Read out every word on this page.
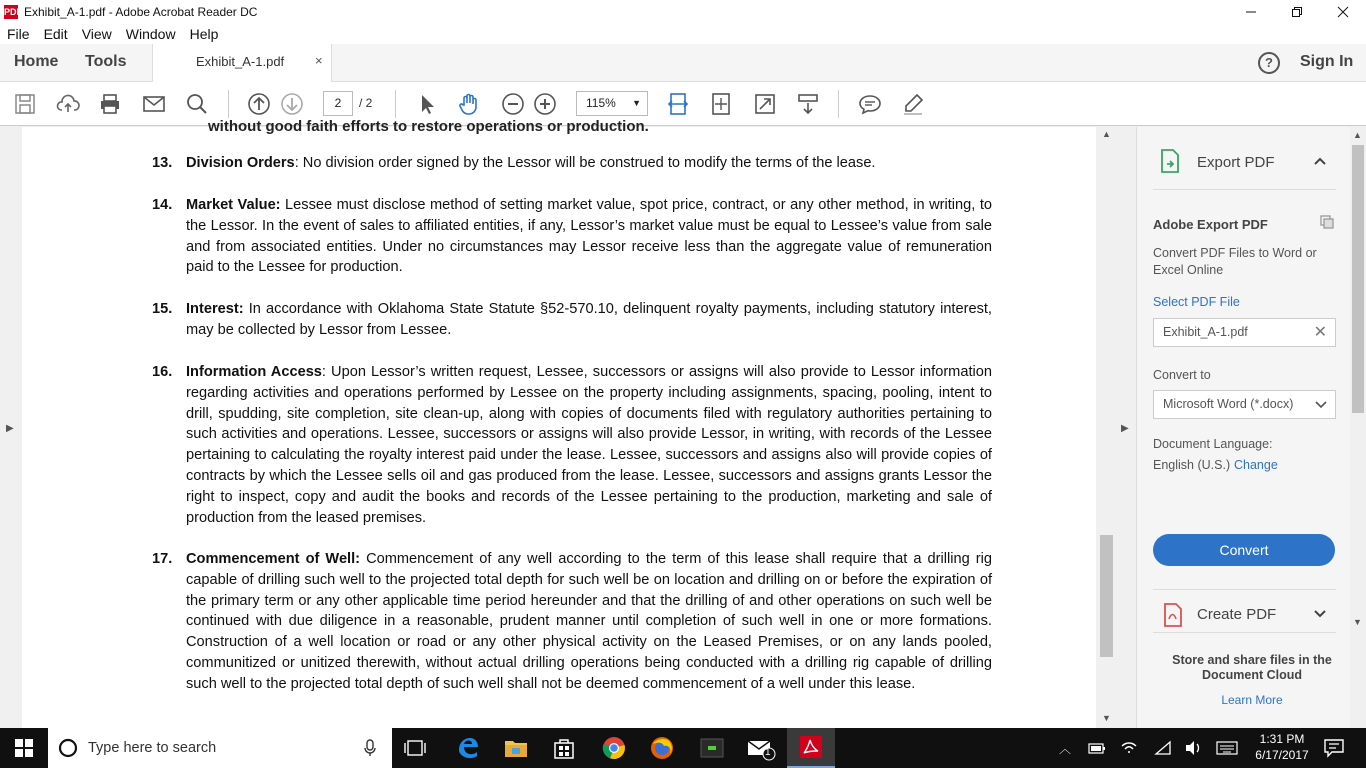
PDF Exhibit_A-1.pdf - Adobe Acrobat Reader DC
File	Edit	View	Window	Help
Home Tools	Exhibit_A-1.pdf ×	?	Sign In
2	/ 2	115% ▼
▶
without good faith efforts to restore operations or production.
13. Division Orders: No division order signed by the Lessor will be construed to modify the terms of the lease.
14. Market Value: Lessee must disclose method of setting market value, spot price, contract, or any other method, in writing, to the Lessor. In the event of sales to affiliated entities, if any, Lessor’s market value must be equal to Lessee’s value from sale and from associated entities. Under no circumstances may Lessor receive less than the aggregate value of remuneration paid to the Lessee for production.
15. Interest: In accordance with Oklahoma State Statute §52-570.10, delinquent royalty payments, including statutory interest, may be collected by Lessor from Lessee.
16. Information Access: Upon Lessor’s written request, Lessee, successors or assigns will also provide to Lessor information regarding activities and operations performed by Lessee on the property including assignments, spacing, pooling, intent to drill, spudding, site completion, site clean-up, along with copies of documents filed with regulatory authorities pertaining to such activities and operations. Lessee, successors or assigns will also provide Lessor, in writing, with records of the Lessee pertaining to calculating the royalty interest paid under the lease. Lessee, successors and assigns also will provide copies of contracts by which the Lessee sells oil and gas produced from the lease. Lessee, successors and assigns grants Lessor the right to inspect, copy and audit the books and records of the Lessee pertaining to the production, marketing and sale of production from the leased premises.
17. Commencement of Well: Commencement of any well according to the term of this lease shall require that a drilling rig capable of drilling such well to the projected total depth for such well be on location and drilling on or before the expiration of the primary term or any other applicable time period hereunder and that the drilling of and other operations on such well be continued with due diligence in a reasonable, prudent manner until completion of such well in one or more formations. Construction of a well location or road or any other physical activity on the Leased Premises, or on any lands pooled, communitized or unitized therewith, without actual drilling operations being conducted with a drilling rig capable of drilling such well to the projected total depth of such well shall not be deemed commencement of a well under this lease.
▲
▼
▶
Export PDF
Adobe Export PDF
Convert PDF Files to Word or Excel Online
Select PDF File
Exhibit_A-1.pdf	✕
Convert to
Microsoft Word (*.docx)
Document Language:
English (U.S.) Change
Convert
Create PDF
Store and share files in the Document Cloud
Learn More
▲
▼
Type here to search	1	︿
1:31 PM
6/17/2017
